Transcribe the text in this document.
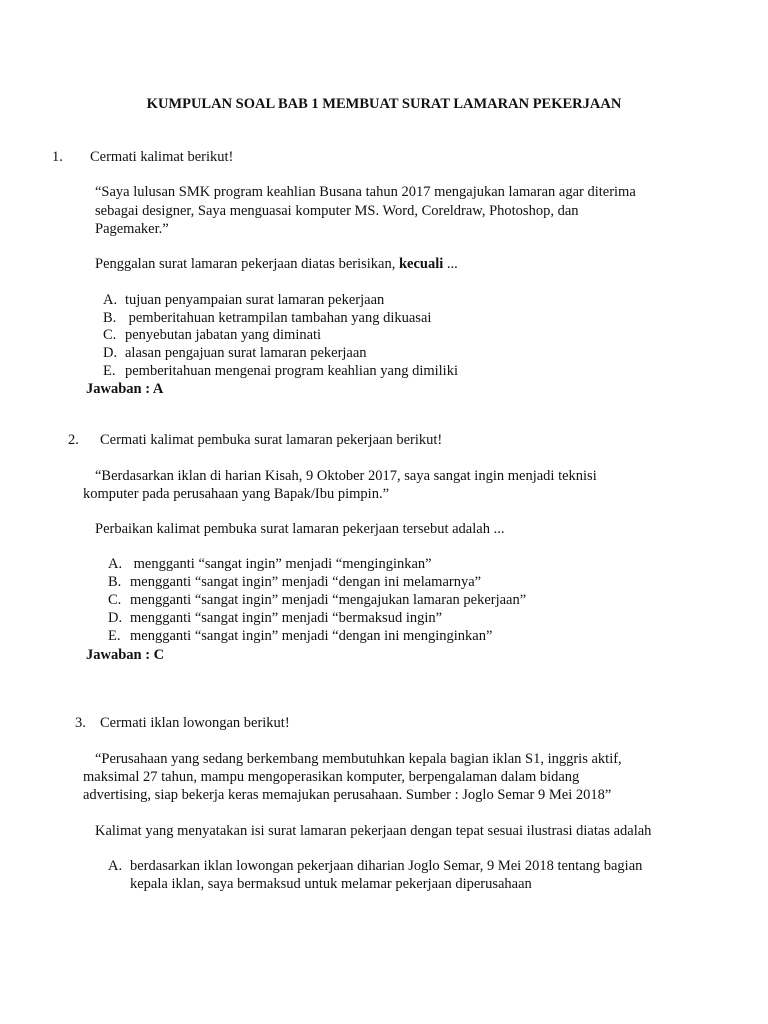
KUMPULAN SOAL BAB 1 MEMBUAT SURAT LAMARAN PEKERJAAN
1. Cermati kalimat berikut!
“Saya lulusan SMK program keahlian Busana tahun 2017 mengajukan lamaran agar diterima
sebagai designer, Saya menguasai komputer MS. Word, Coreldraw, Photoshop, dan
Pagemaker.”
Penggalan surat lamaran pekerjaan diatas berisikan, kecuali ...
A. tujuan penyampaian surat lamaran pekerjaan
B. pemberitahuan ketrampilan tambahan yang dikuasai
C. penyebutan jabatan yang diminati
D. alasan pengajuan surat lamaran pekerjaan
E. pemberitahuan mengenai program keahlian yang dimiliki
Jawaban : A
2. Cermati kalimat pembuka surat lamaran pekerjaan berikut!
“Berdasarkan iklan di harian Kisah, 9 Oktober 2017, saya sangat ingin menjadi teknisi
komputer pada perusahaan yang Bapak/Ibu pimpin.”
Perbaikan kalimat pembuka surat lamaran pekerjaan tersebut adalah ...
A. mengganti “sangat ingin” menjadi “menginginkan”
B. mengganti “sangat ingin” menjadi “dengan ini melamarnya”
C. mengganti “sangat ingin” menjadi “mengajukan lamaran pekerjaan”
D. mengganti “sangat ingin” menjadi “bermaksud ingin”
E. mengganti “sangat ingin” menjadi “dengan ini menginginkan”
Jawaban : C
3. Cermati iklan lowongan berikut!
“Perusahaan yang sedang berkembang membutuhkan kepala bagian iklan S1, inggris aktif,
maksimal 27 tahun, mampu mengoperasikan komputer, berpengalaman dalam bidang
advertising, siap bekerja keras memajukan perusahaan. Sumber : Joglo Semar 9 Mei 2018”
Kalimat yang menyatakan isi surat lamaran pekerjaan dengan tepat sesuai ilustrasi diatas adalah
A. berdasarkan iklan lowongan pekerjaan diharian Joglo Semar, 9 Mei 2018 tentang bagian
kepala iklan, saya bermaksud untuk melamar pekerjaan diperusahaan
